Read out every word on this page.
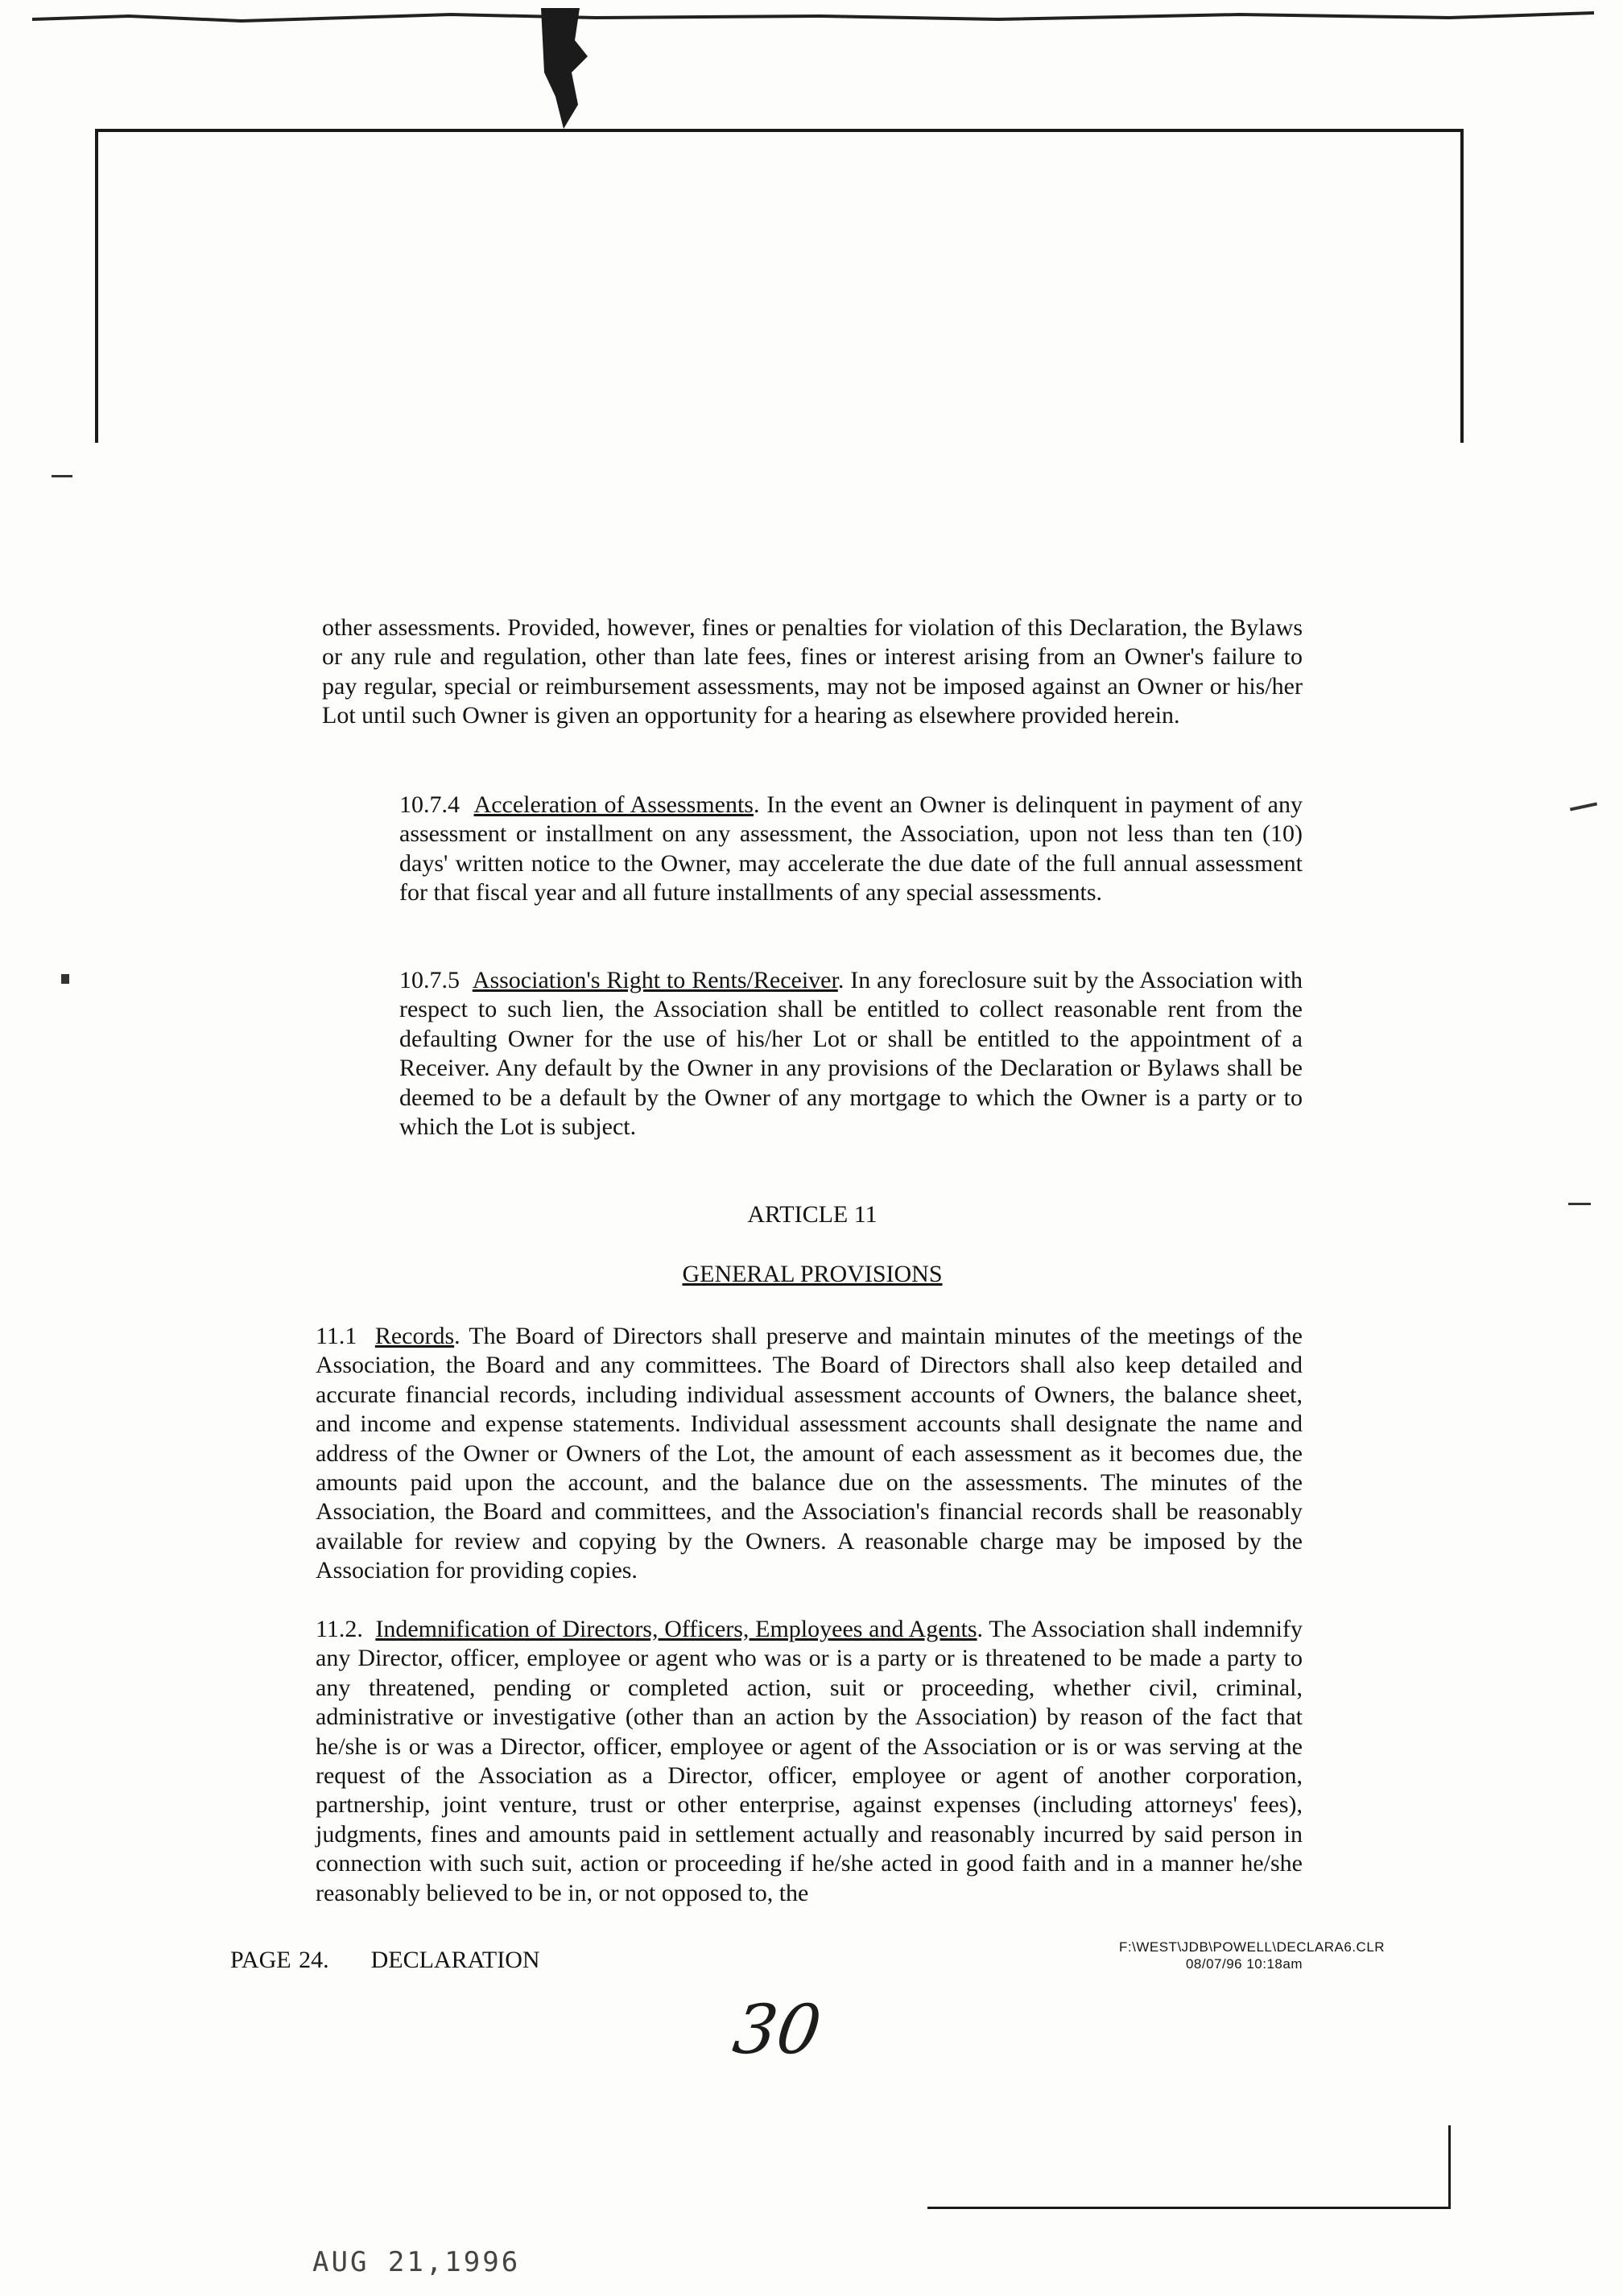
other assessments. Provided, however, fines or penalties for violation of this Declaration, the Bylaws or any rule and regulation, other than late fees, fines or interest arising from an Owner's failure to pay regular, special or reimbursement assessments, may not be imposed against an Owner or his/her Lot until such Owner is given an opportunity for a hearing as elsewhere provided herein.

10.7.4 Acceleration of Assessments. In the event an Owner is delinquent in payment of any assessment or installment on any assessment, the Association, upon not less than ten (10) days' written notice to the Owner, may accelerate the due date of the full annual assessment for that fiscal year and all future installments of any special assessments.

10.7.5 Association's Right to Rents/Receiver. In any foreclosure suit by the Association with respect to such lien, the Association shall be entitled to collect reasonable rent from the defaulting Owner for the use of his/her Lot or shall be entitled to the appointment of a Receiver. Any default by the Owner in any provisions of the Declaration or Bylaws shall be deemed to be a default by the Owner of any mortgage to which the Owner is a party or to which the Lot is subject.

ARTICLE 11
GENERAL PROVISIONS

11.1 Records. The Board of Directors shall preserve and maintain minutes of the meetings of the Association, the Board and any committees. The Board of Directors shall also keep detailed and accurate financial records, including individual assessment accounts of Owners, the balance sheet, and income and expense statements. Individual assessment accounts shall designate the name and address of the Owner or Owners of the Lot, the amount of each assessment as it becomes due, the amounts paid upon the account, and the balance due on the assessments. The minutes of the Association, the Board and committees, and the Association's financial records shall be reasonably available for review and copying by the Owners. A reasonable charge may be imposed by the Association for providing copies.

11.2. Indemnification of Directors, Officers, Employees and Agents. The Association shall indemnify any Director, officer, employee or agent who was or is a party or is threatened to be made a party to any threatened, pending or completed action, suit or proceeding, whether civil, criminal, administrative or investigative (other than an action by the Association) by reason of the fact that he/she is or was a Director, officer, employee or agent of the Association or is or was serving at the request of the Association as a Director, officer, employee or agent of another corporation, partnership, joint venture, trust or other enterprise, against expenses (including attorneys' fees), judgments, fines and amounts paid in settlement actually and reasonably incurred by said person in connection with such suit, action or proceeding if he/she acted in good faith and in a manner he/she reasonably believed to be in, or not opposed to, the

PAGE 24. DECLARATION	F:\WEST\JDB\POWELL\DECLARA6.CLR
08/07/96 10:18am
30
AUG 21,1996
